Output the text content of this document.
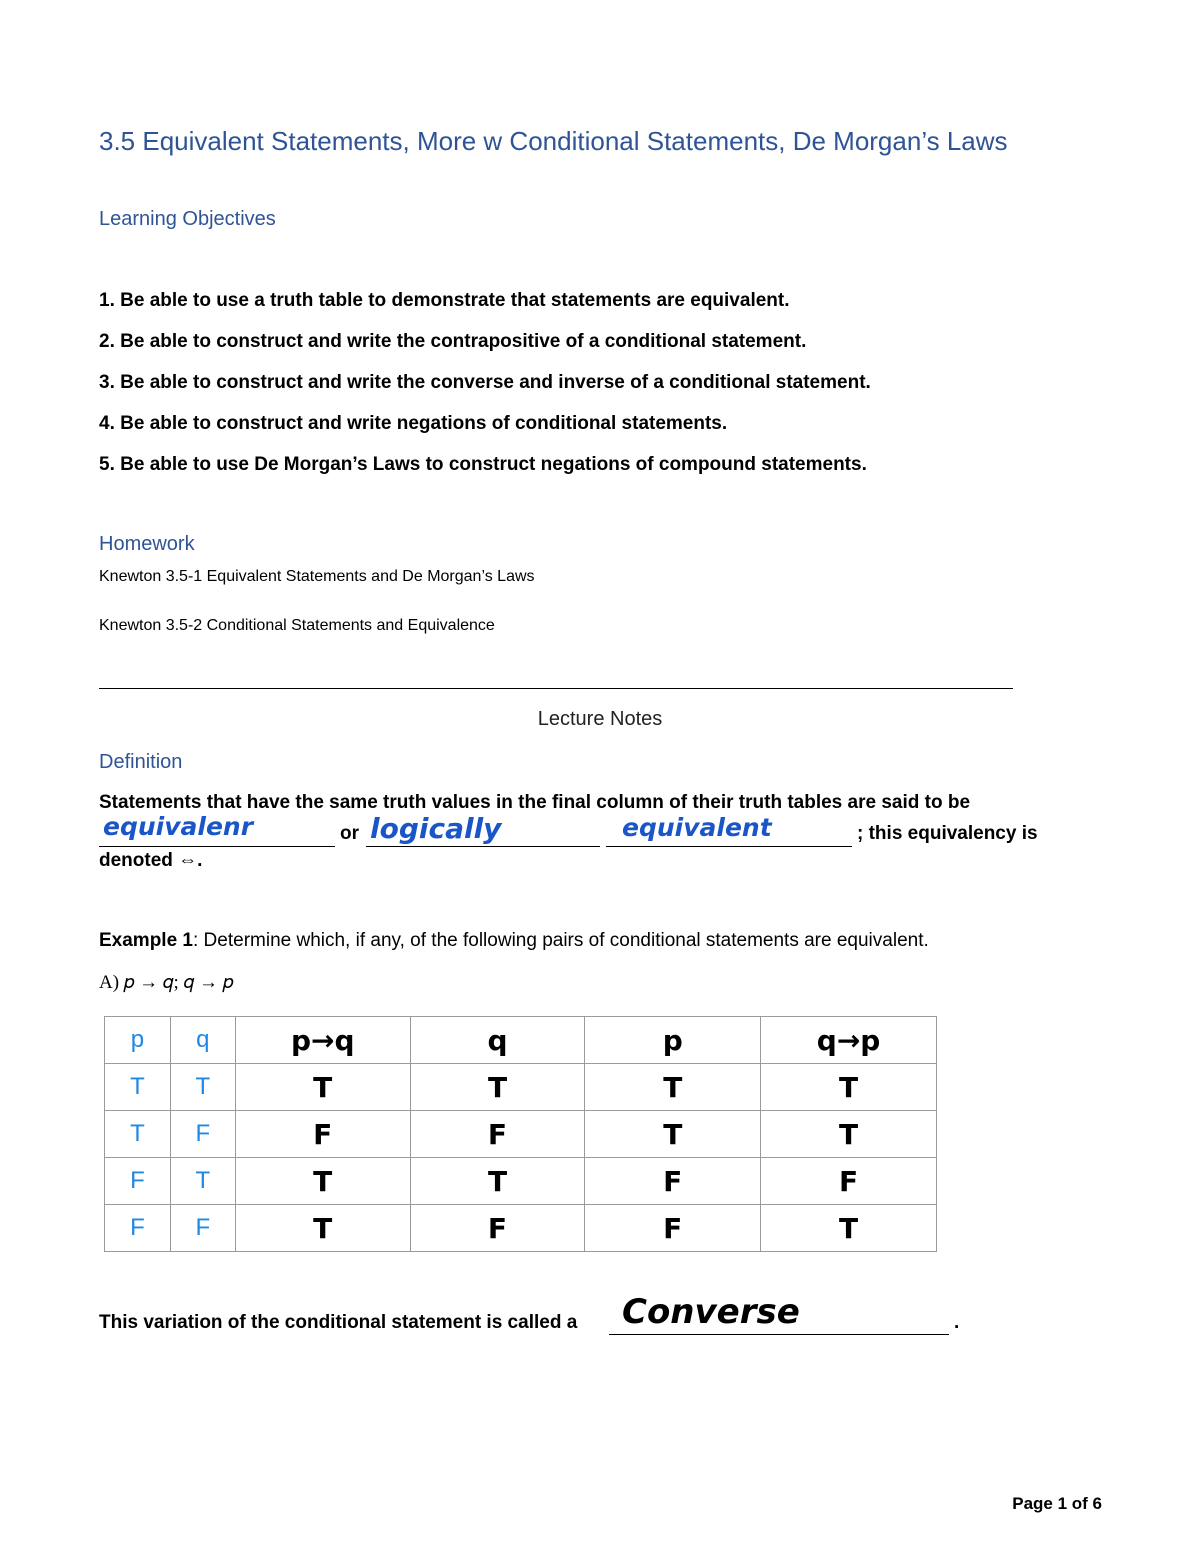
3.5 Equivalent Statements, More w Conditional Statements, De Morgan’s Laws
Learning Objectives
1. Be able to use a truth table to demonstrate that statements are equivalent.
2. Be able to construct and write the contrapositive of a conditional statement.
3. Be able to construct and write the converse and inverse of a conditional statement.
4. Be able to construct and write negations of conditional statements.
5. Be able to use De Morgan’s Laws to construct negations of compound statements.
Homework
Knewton 3.5-1 Equivalent Statements and De Morgan’s Laws
Knewton 3.5-2 Conditional Statements and Equivalence
Lecture Notes
Definition
Statements that have the same truth values in the final column of their truth tables are said to be
equivalenr	or logically	equivalent	; this equivalency is
denoted ⇔.
Example 1: Determine which, if any, of the following pairs of conditional statements are equivalent.
A) 𝑝 → 𝑞; 𝑞 → 𝑝
p	q	p→q	q	p	q→p
T	T	T	T	T	T
T	F	F	F	T	T
F	T	T	T	F	F
F	F	T	F	F	T
This variation of the conditional statement is called a Converse	.
Page 1 of 6
